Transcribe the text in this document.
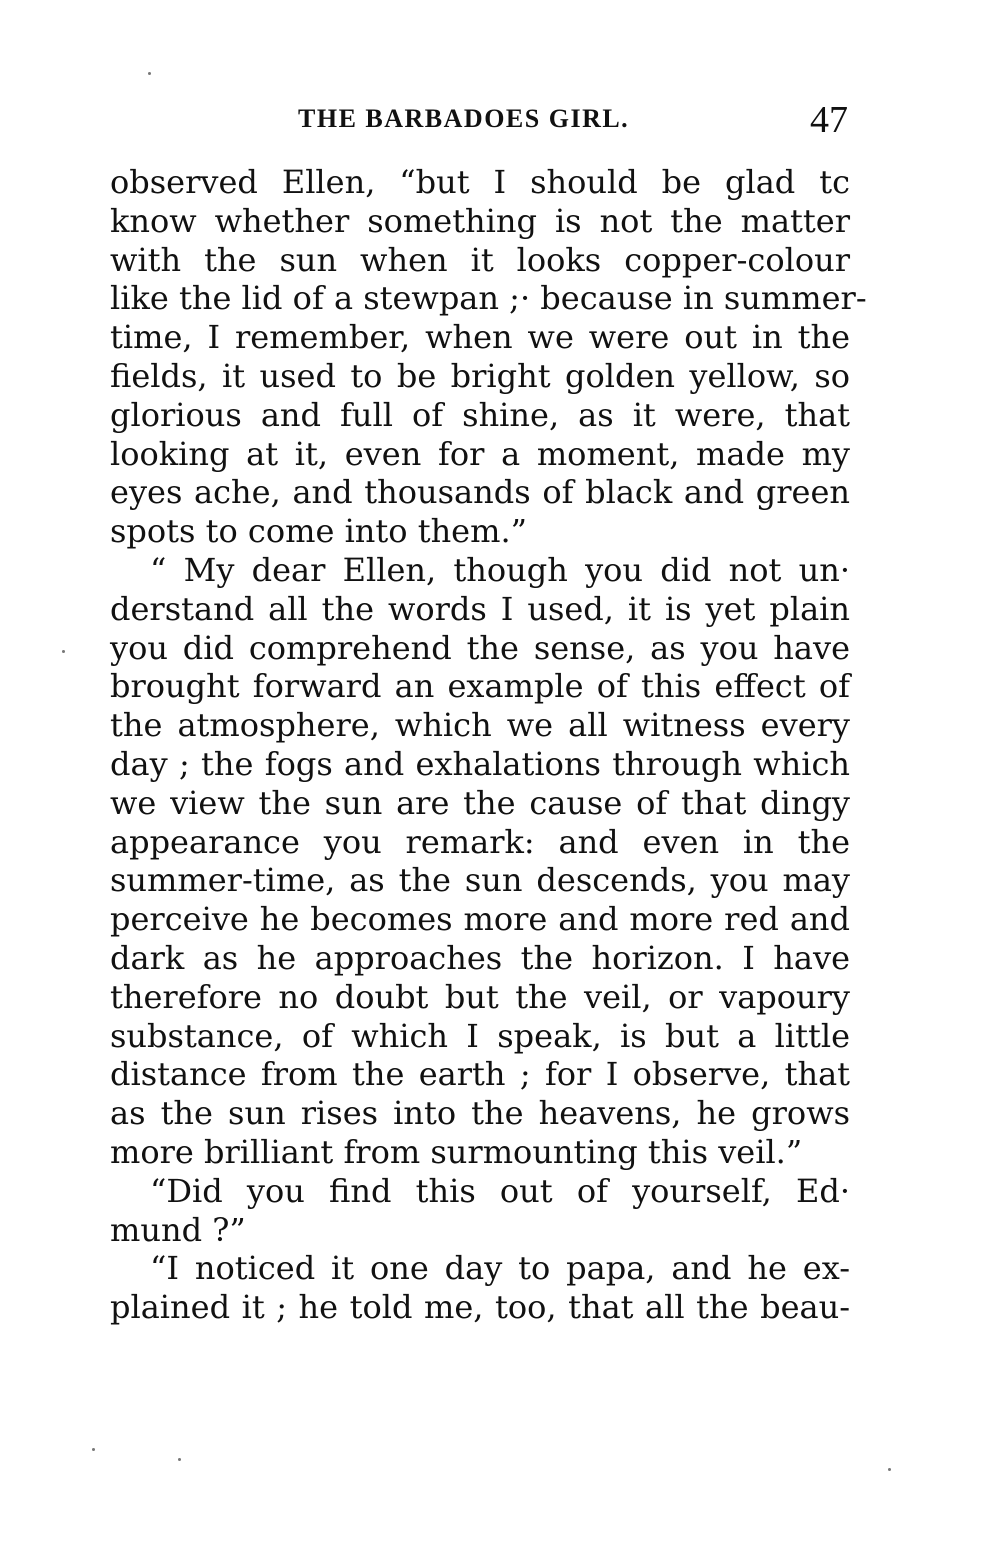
THE BARBADOES GIRL.	47
observed Ellen, “but I should be glad tc
know whether something is not the matter
with the sun when it looks copper-colour
like the lid of a stewpan ;· because in summer-
time, I remember, when we were out in the
fields, it used to be bright golden yellow, so
glorious and full of shine, as it were, that
looking at it, even for a moment, made my
eyes ache, and thousands of black and green
spots to come into them.”
“ My dear Ellen, though you did not un·
derstand all the words I used, it is yet plain
you did comprehend the sense, as you have
brought forward an example of this effect of
the atmosphere, which we all witness every
day ; the fogs and exhalations through which
we view the sun are the cause of that dingy
appearance you remark: and even in the
summer-time, as the sun descends, you may
perceive he becomes more and more red and
dark as he approaches the horizon. I have
therefore no doubt but the veil, or vapoury
substance, of which I speak, is but a little
distance from the earth ; for I observe, that
as the sun rises into the heavens, he grows
more brilliant from surmounting this veil.”
“Did you find this out of yourself, Ed·
mund ?”
“I noticed it one day to papa, and he ex-
plained it ; he told me, too, that all the beau-
